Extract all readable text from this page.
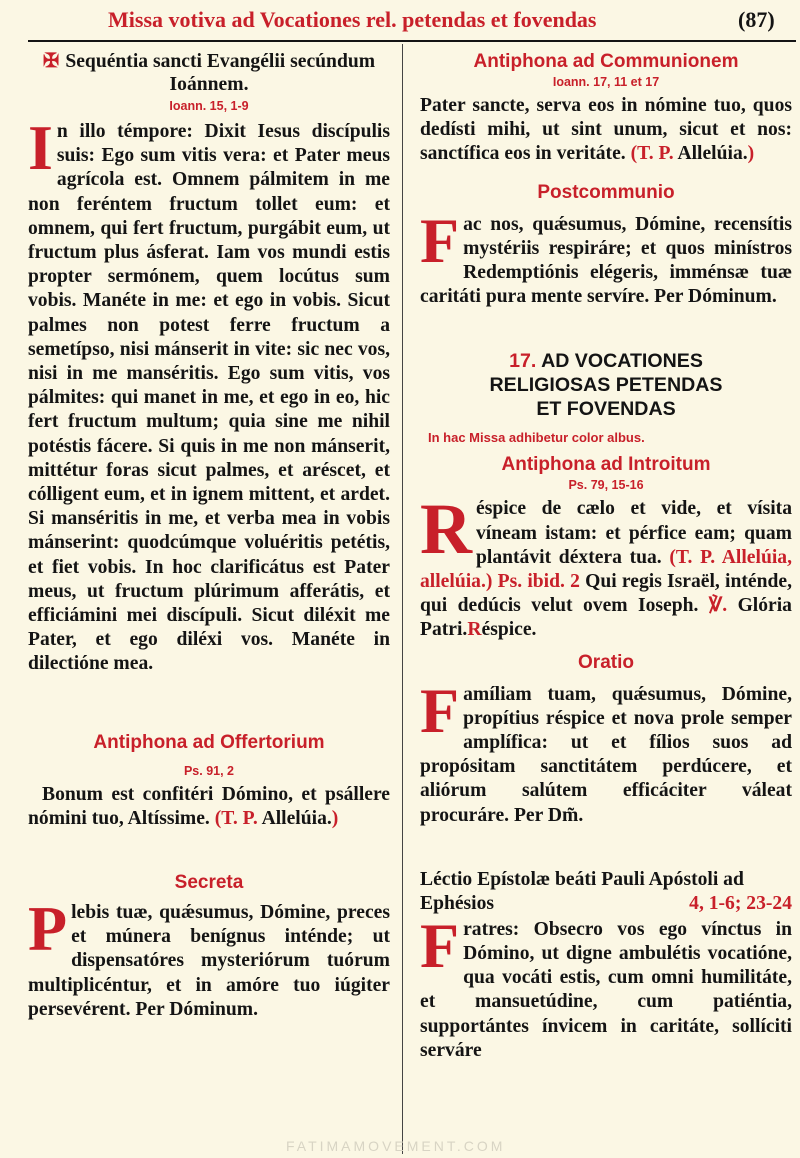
Missa votiva ad Vocationes rel. petendas et fovendas	(87)
✠ Sequéntia sancti Evangélii secúndum Ioánnem.
Ioann. 15, 1-9

In illo témpore: Dixit Iesus discípulis suis: Ego sum vitis vera: et Pater meus agrícola est. Omnem pálmitem in me non feréntem fructum tollet eum: et omnem, qui fert fructum, purgábit eum, ut fructum plus ásferat. Iam vos mundi estis propter sermónem, quem locútus sum vobis. Manéte in me: et ego in vobis. Sicut palmes non potest ferre fructum a semetípso, nisi mánserit in vite: sic nec vos, nisi in me manséritis. Ego sum vitis, vos pálmites: qui manet in me, et ego in eo, hic fert fructum multum; quia sine me nihil potéstis fácere. Si quis in me non mánserit, mittétur foras sicut palmes, et aréscet, et cólligent eum, et in ignem mittent, et ardet. Si manséritis in me, et verba mea in vobis mánserint: quodcúmque voluéritis petétis, et fiet vobis. In hoc clarificátus est Pater meus, ut fructum plúrimum afferátis, et efficiámini mei discípuli. Sicut diléxit me Pater, et ego diléxi vos. Manéte in dilectióne mea.

Antiphona ad Offertorium
Ps. 91, 2

Bonum est confitéri Dómino, et psállere nómini tuo, Altíssime. (T. P. Allelúia.)

Secreta

Plebis tuæ, quǽsumus, Dómine, preces et múnera benígnus inténde; ut dispensatóres mysteriórum tuórum multiplicéntur, et in amóre tuo iúgiter persevérent. Per Dóminum.

Antiphona ad Communionem
Ioann. 17, 11 et 17

Pater sancte, serva eos in nómine tuo, quos dedísti mihi, ut sint unum, sicut et nos: sanctífica eos in veritáte. (T. P. Allelúia.)

Postcommunio

Fac nos, quǽsumus, Dómine, recensítis mystériis respiráre; et quos minístros Redemptiónis elégeris, imménsæ tuæ caritáti pura mente servíre. Per Dóminum.

17. AD VOCATIONES
RELIGIOSAS PETENDAS
ET FOVENDAS
In hac Missa adhibetur color albus.
Antiphona ad Introitum
Ps. 79, 15-16

Réspice de cælo et vide, et vísita víneam istam: et pérfice eam; quam plantávit déxtera tua. (T. P. Allelúia, allelúia.) Ps. ibid. 2 Qui regis Israël, inténde, qui dedúcis velut ovem Ioseph. ℣. Glória Patri.Réspice.

Oratio

Famíliam tuam, quǽsumus, Dómine, propítius réspice et nova prole semper amplífica: ut et fílios suos ad propósitam sanctitátem perdúcere, et aliórum salútem efficáciter váleat procuráre. Per Dm̃.

Léctio Epístolæ beáti Pauli Apóstoli ad Ephésios	4, 1-6; 23-24

Fratres: Obsecro vos ego vínctus in Dómino, ut digne ambulétis vocatióne, qua vocáti estis, cum omni humilitáte, et mansuetúdine, cum patiéntia, supportántes ínvicem in caritáte, sollíciti serváre

FATIMAMOVEMENT.COM
